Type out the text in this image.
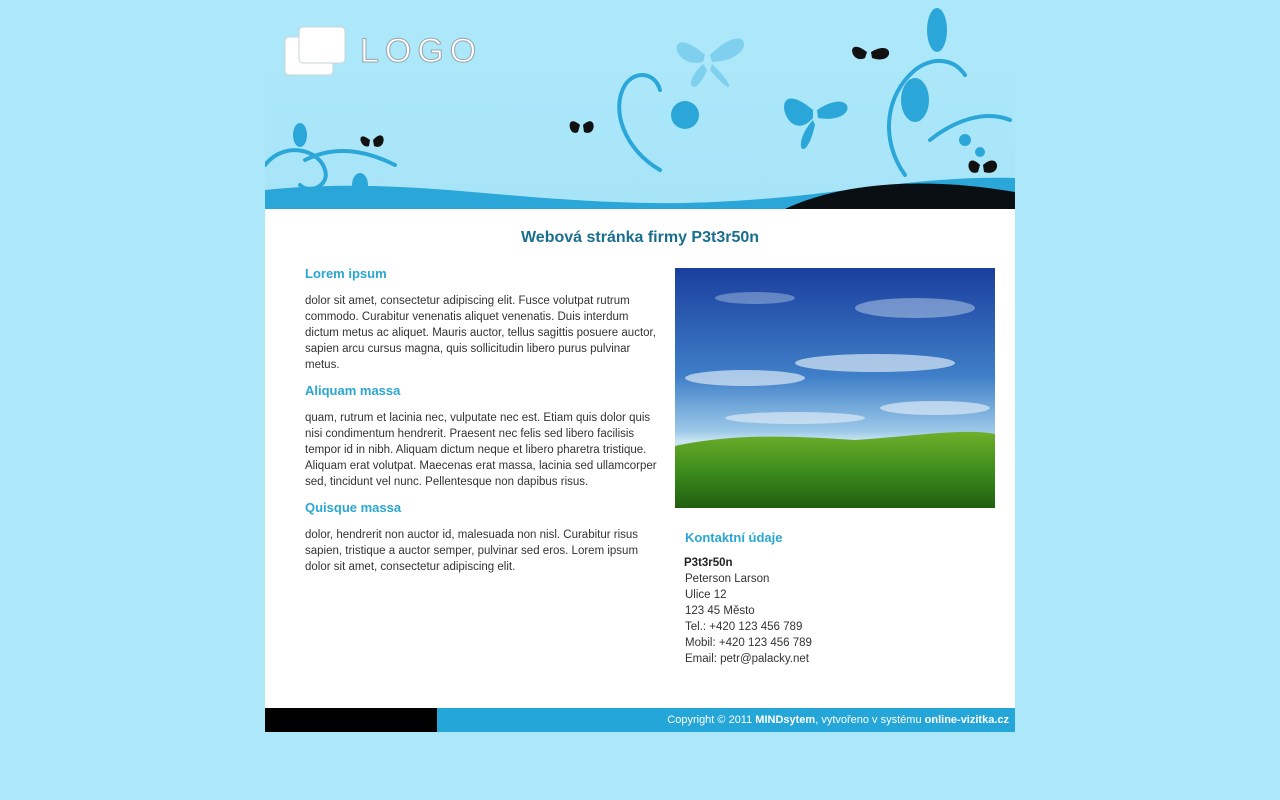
LOGO
Webová stránka firmy P3t3r50n
Lorem ipsum
dolor sit amet, consectetur adipiscing elit. Fusce volutpat rutrum commodo. Curabitur venenatis aliquet venenatis. Duis interdum dictum metus ac aliquet. Mauris auctor, tellus sagittis posuere auctor, sapien arcu cursus magna, quis sollicitudin libero purus pulvinar metus.
Aliquam massa
quam, rutrum et lacinia nec, vulputate nec est. Etiam quis dolor quis nisi condimentum hendrerit. Praesent nec felis sed libero facilisis tempor id in nibh. Aliquam dictum neque et libero pharetra tristique. Aliquam erat volutpat. Maecenas erat massa, lacinia sed ullamcorper sed, tincidunt vel nunc. Pellentesque non dapibus risus.
Quisque massa
dolor, hendrerit non auctor id, malesuada non nisl. Curabitur risus sapien, tristique a auctor semper, pulvinar sed eros. Lorem ipsum dolor sit amet, consectetur adipiscing elit.
Kontaktní údaje
P3t3r50n
Peterson Larson
Ulice 12
123 45 Město
Tel.: +420 123 456 789
Mobil: +420 123 456 789
Email: petr@palacky.net
Copyright © 2011 MINDsytem, vytvořeno v systému online-vizitka.cz
